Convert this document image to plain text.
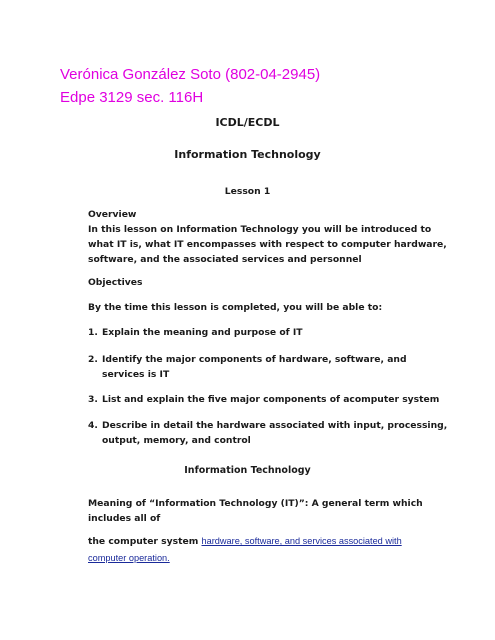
Verónica González Soto (802-04-2945)
Edpe 3129 sec. 116H
ICDL/ECDL
Information Technology
Lesson 1
Overview
In this lesson on Information Technology you will be introduced to
what IT is, what IT encompasses with respect to computer hardware,
software, and the associated services and personnel
Objectives
By the time this lesson is completed, you will be able to:
1. Explain the meaning and purpose of IT
2. Identify the major components of hardware, software, and
services is IT
3. List and explain the five major components of acomputer system
4. Describe in detail the hardware associated with input, processing,
output, memory, and control
Information Technology
Meaning of “Information Technology (IT)”: A general term which
includes all of
the computer system hardware, software, and services associated with
computer operation.
